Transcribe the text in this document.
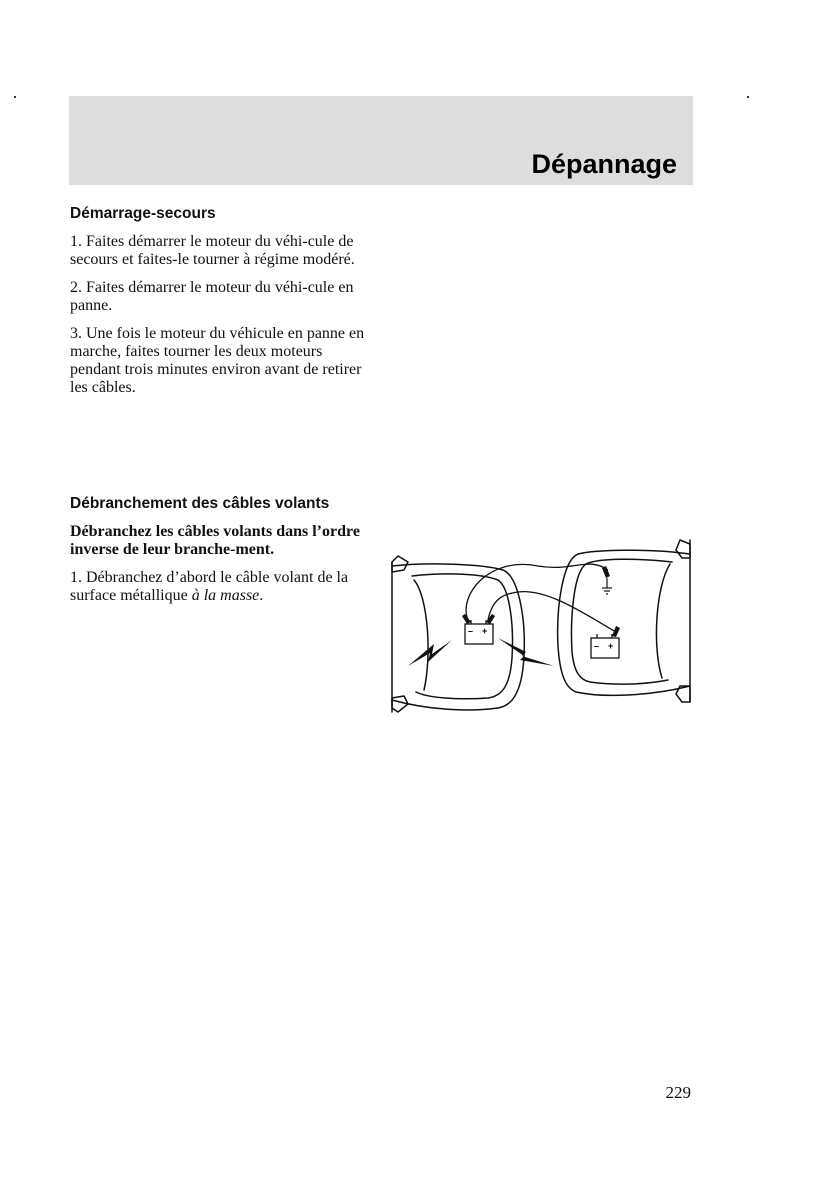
Dépannage
Démarrage-secours
1. Faites démarrer le moteur du véhi-cule de secours et faites-le tourner à régime modéré.
2. Faites démarrer le moteur du véhi-cule en panne.
3. Une fois le moteur du véhicule en panne en marche, faites tourner les deux moteurs pendant trois minutes environ avant de retirer les câbles.
Débranchement des câbles volants
Débranchez les câbles volants dans l’ordre inverse de leur branche-ment.
1. Débranchez d’abord le câble volant de la surface métallique à la masse.
– +
– +
229
